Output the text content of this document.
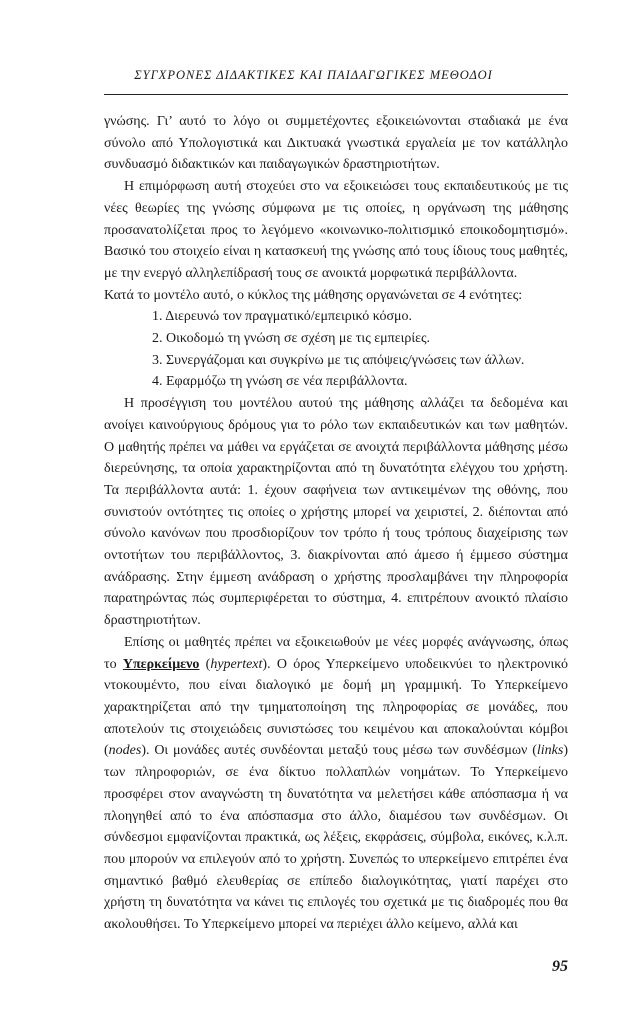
ΣΥΓΧΡΟΝΕΣ ΔΙΔΑΚΤΙΚΕΣ ΚΑΙ ΠΑΙΔΑΓΩΓΙΚΕΣ ΜΕΘΟΔΟΙ

γνώσης. Γι’ αυτό το λόγο οι συμμετέχοντες εξοικειώνονται σταδιακά με ένα σύνολο από Υπολογιστικά και Δικτυακά γνωστικά εργαλεία με τον κατάλληλο συνδυασμό διδακτικών και παιδαγωγικών δραστηριοτήτων.

Η επιμόρφωση αυτή στοχεύει στο να εξοικειώσει τους εκπαιδευτικούς με τις νέες θεωρίες της γνώσης σύμφωνα με τις οποίες, η οργάνωση της μάθησης προσανατολίζεται προς το λεγόμενο «κοινωνικο-πολιτισμικό εποικοδομητισμό». Βασικό του στοιχείο είναι η κατασκευή της γνώσης από τους ίδιους τους μαθητές, με την ενεργό αλληλεπίδρασή τους σε ανοικτά μορφωτικά περιβάλλοντα.

Κατά το μοντέλο αυτό, ο κύκλος της μάθησης οργανώνεται σε 4 ενότητες:

1. Διερευνώ τον πραγματικό/εμπειρικό κόσμο.
2. Οικοδομώ τη γνώση σε σχέση με τις εμπειρίες.
3. Συνεργάζομαι και συγκρίνω με τις απόψεις/γνώσεις των άλλων.
4. Εφαρμόζω τη γνώση σε νέα περιβάλλοντα.

Η προσέγγιση του μοντέλου αυτού της μάθησης αλλάζει τα δεδομένα και ανοίγει καινούργιους δρόμους για το ρόλο των εκπαιδευτικών και των μαθητών. Ο μαθητής πρέπει να μάθει να εργάζεται σε ανοιχτά περιβάλλοντα μάθησης μέσω διερεύνησης, τα οποία χαρακτηρίζονται από τη δυνατότητα ελέγχου του χρήστη. Τα περιβάλλοντα αυτά: 1. έχουν σαφήνεια των αντικειμένων της οθόνης, που συνιστούν οντότητες τις οποίες ο χρήστης μπορεί να χειριστεί, 2. διέπονται από σύνολο κανόνων που προσδιορίζουν τον τρόπο ή τους τρόπους διαχείρισης των οντοτήτων του περιβάλλοντος, 3. διακρίνονται από άμεσο ή έμμεσο σύστημα ανάδρασης. Στην έμμεση ανάδραση ο χρήστης προσλαμβάνει την πληροφορία παρατηρώντας πώς συμπεριφέρεται το σύστημα, 4. επιτρέπουν ανοικτό πλαίσιο δραστηριοτήτων.

Επίσης οι μαθητές πρέπει να εξοικειωθούν με νέες μορφές ανάγνωσης, όπως το Υπερκείμενο (hypertext). Ο όρος Υπερκείμενο υποδεικνύει το ηλεκτρονικό ντοκουμέντο, που είναι διαλογικό με δομή μη γραμμική. Το Υπερκείμενο χαρακτηρίζεται από την τμηματοποίηση της πληροφορίας σε μονάδες, που αποτελούν τις στοιχειώδεις συνιστώσες του κειμένου και αποκαλούνται κόμβοι (nodes). Οι μονάδες αυτές συνδέονται μεταξύ τους μέσω των συνδέσμων (links) των πληροφοριών, σε ένα δίκτυο πολλαπλών νοημάτων. Το Υπερκείμενο προσφέρει στον αναγνώστη τη δυνατότητα να μελετήσει κάθε απόσπασμα ή να πλοηγηθεί από το ένα απόσπασμα στο άλλο, διαμέσου των συνδέσμων. Οι σύνδεσμοι εμφανίζονται πρακτικά, ως λέξεις, εκφράσεις, σύμβολα, εικόνες, κ.λ.π. που μπορούν να επιλεγούν από το χρήστη. Συνεπώς το υπερκείμενο επιτρέπει ένα σημαντικό βαθμό ελευθερίας σε επίπεδο διαλογικότητας, γιατί παρέχει στο χρήστη τη δυνατότητα να κάνει τις επιλογές του σχετικά με τις διαδρομές που θα ακολουθήσει. Το Υπερκείμενο μπορεί να περιέχει άλλο κείμενο, αλλά και

95
